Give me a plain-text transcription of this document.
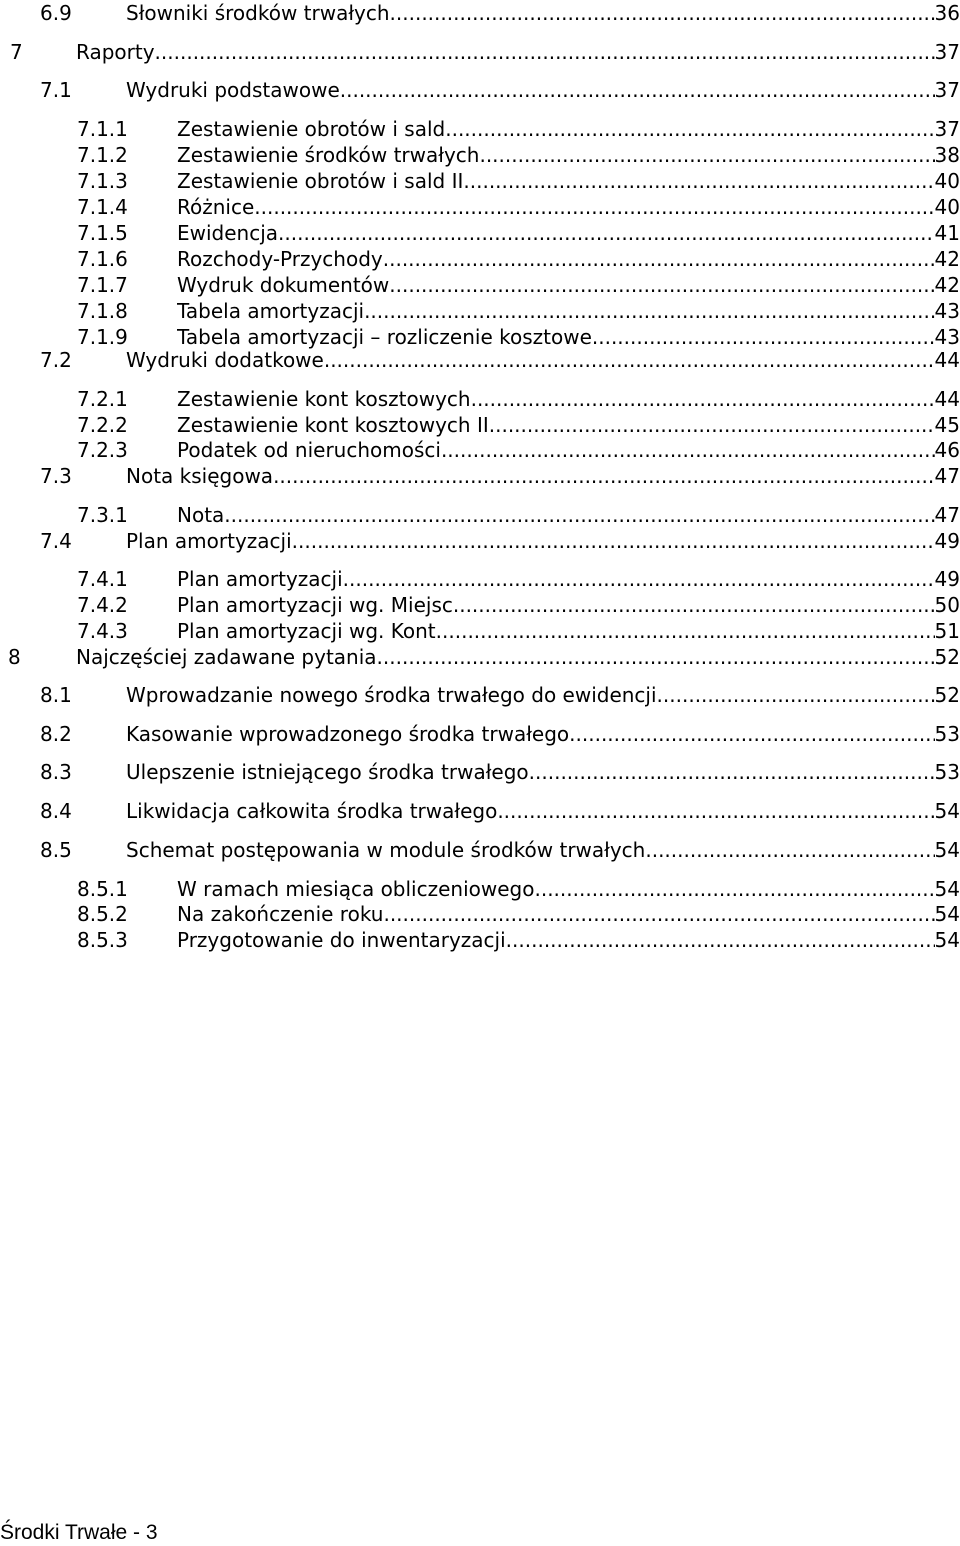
6.9	Słowniki środków trwałych .....	36
7	Raporty .....	37
7.1	Wydruki podstawowe .....	37
7.1.1 Zestawienie obrotów i sald .....	37
7.1.2 Zestawienie środków trwałych .....	38
7.1.3 Zestawienie obrotów i sald II .....	40
7.1.4 Różnice .....	40
7.1.5 Ewidencja .....	41
7.1.6 Rozchody-Przychody .....	42
7.1.7 Wydruk dokumentów .....	42
7.1.8 Tabela amortyzacji .....	43
7.1.9 Tabela amortyzacji – rozliczenie kosztowe .....	43
7.2	Wydruki dodatkowe .....	44
7.2.1 Zestawienie kont kosztowych .....	44
7.2.2 Zestawienie kont kosztowych II .....	45
7.2.3 Podatek od nieruchomości .....	46
7.3	Nota księgowa .....	47
7.3.1 Nota .....	47
7.4	Plan amortyzacji .....	49
7.4.1 Plan amortyzacji .....	49
7.4.2 Plan amortyzacji wg. Miejsc .....	50
7.4.3 Plan amortyzacji wg. Kont .....	51
8	Najczęściej zadawane pytania .....	52
8.1	Wprowadzanie nowego środka trwałego do ewidencji .....	52
8.2	Kasowanie wprowadzonego środka trwałego .....	53
8.3	Ulepszenie istniejącego środka trwałego .....	53
8.4	Likwidacja całkowita środka trwałego .....	54
8.5	Schemat postępowania w module środków trwałych .....	54
8.5.1 W ramach miesiąca obliczeniowego .....	54
8.5.2 Na zakończenie roku .....	54
8.5.3 Przygotowanie do inwentaryzacji .....	54
Środki Trwałe - 3
